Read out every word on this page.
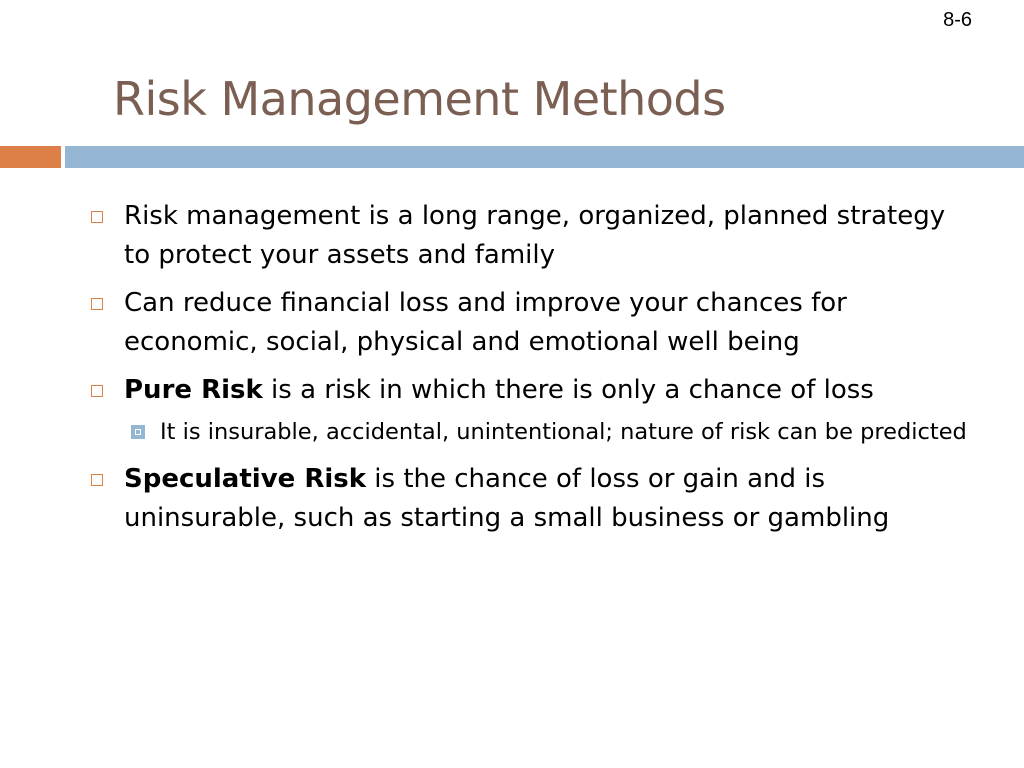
8-6
Risk Management Methods
Risk management is a long range, organized, planned strategy to protect your assets and family
Can reduce financial loss and improve your chances for economic, social, physical and emotional well being
Pure Risk is a risk in which there is only a chance of loss
It is insurable, accidental, unintentional; nature of risk can be predicted
Speculative Risk is the chance of loss or gain and is uninsurable, such as starting a small business or gambling
